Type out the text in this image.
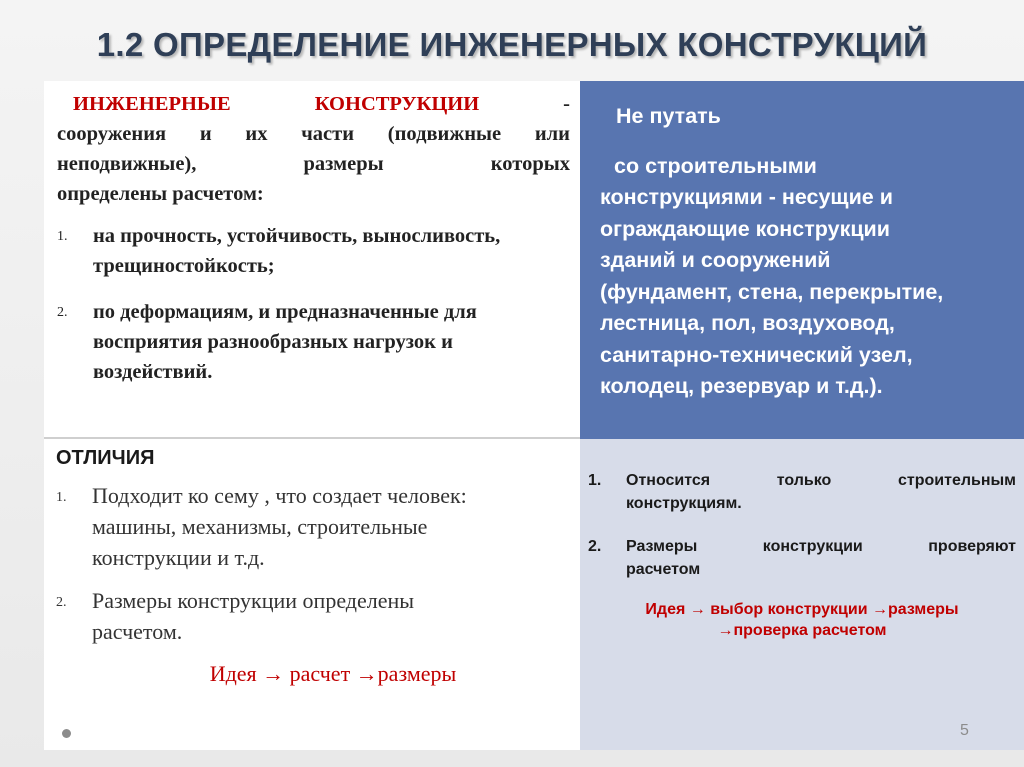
1.2 ОПРЕДЕЛЕНИЕ ИНЖЕНЕРНЫХ КОНСТРУКЦИЙ
ИНЖЕНЕРНЫЕ	КОНСТРУКЦИИ	-
сооружения и их части (подвижные или
неподвижные), размеры которых
определены расчетом:
1.	на прочность, устойчивость, выносливость, трещиностойкость;
2.	по деформациям, и предназначенные для восприятия разнообразных нагрузок и воздействий.
ОТЛИЧИЯ
1.	Подходит ко сему , что создает человек: машины, механизмы, строительные конструкции и т.д.
2.	Размеры конструкции определены расчетом.
Идея → расчет →размеры
Не путать
со строительными
конструкциями - несущие и
ограждающие конструкции
зданий и сооружений
(фундамент, стена, перекрытие,
лестница, пол, воздуховод,
санитарно-технический узел,
колодец, резервуар и т.д.).
1.	Относится только строительным
конструкциям.
2.	Размеры конструкции проверяют
расчетом
Идея → выбор конструкции →размеры
→проверка расчетом
5
